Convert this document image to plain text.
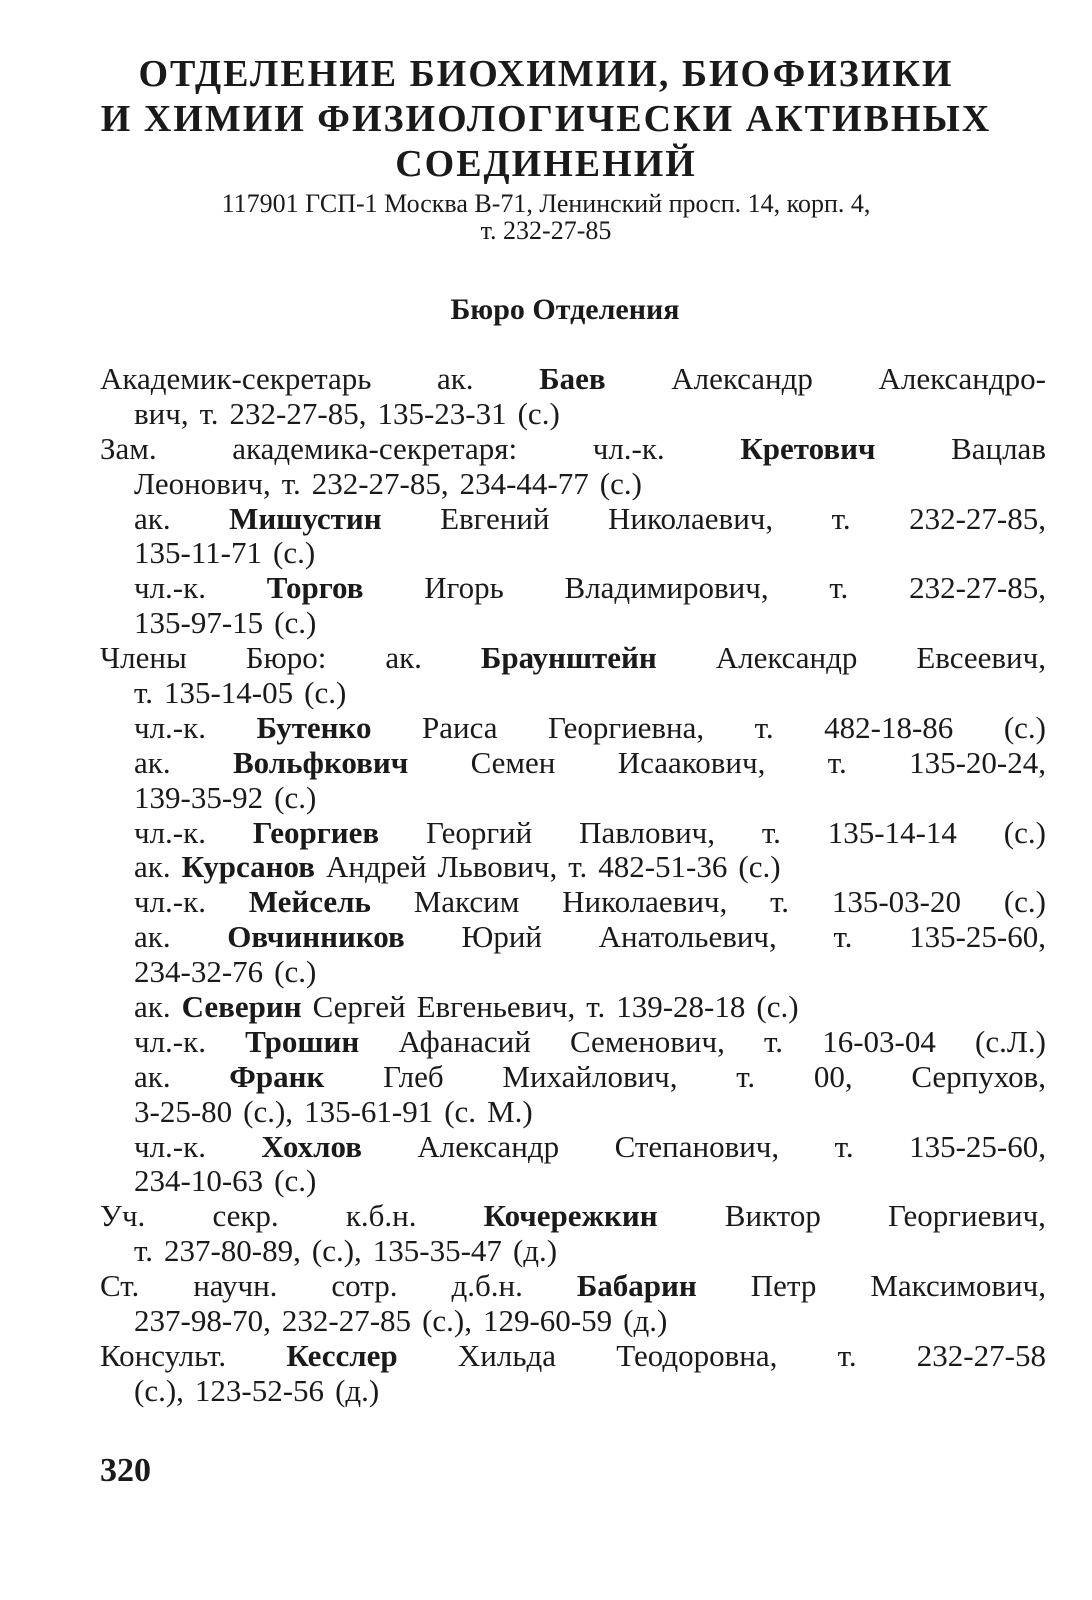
ОТДЕЛЕНИЕ БИОХИМИИ, БИОФИЗИКИ
И ХИМИИ ФИЗИОЛОГИЧЕСКИ АКТИВНЫХ
СОЕДИНЕНИЙ
117901 ГСП-1 Москва В-71, Ленинский просп. 14, корп. 4,
т. 232-27-85
Бюро Отделения
Академик-секретарь ак. Баев Александр Александро-
вич, т. 232-27-85, 135-23-31 (с.)
Зам. академика-секретаря: чл.-к. Кретович Вацлав
Леонович, т. 232-27-85, 234-44-77 (с.)
ак. Мишустин Евгений Николаевич, т. 232-27-85,
135-11-71 (с.)
чл.-к. Торгов Игорь Владимирович, т. 232-27-85,
135-97-15 (с.)
Члены Бюро: ак. Браунштейн Александр Евсеевич,
т. 135-14-05 (с.)
чл.-к. Бутенко Раиса Георгиевна, т. 482-18-86 (с.)
ак. Вольфкович Семен Исаакович, т. 135-20-24,
139-35-92 (с.)
чл.-к. Георгиев Георгий Павлович, т. 135-14-14 (с.)
ак. Курсанов Андрей Львович, т. 482-51-36 (с.)
чл.-к. Мейсель Максим Николаевич, т. 135-03-20 (с.)
ак. Овчинников Юрий Анатольевич, т. 135-25-60,
234-32-76 (с.)
ак. Северин Сергей Евгеньевич, т. 139-28-18 (с.)
чл.-к. Трошин Афанасий Семенович, т. 16-03-04 (с.Л.)
ак. Франк Глеб Михайлович, т. 00, Серпухов,
3-25-80 (с.), 135-61-91 (с. М.)
чл.-к. Хохлов Александр Степанович, т. 135-25-60,
234-10-63 (с.)
Уч. секр. к.б.н. Кочережкин Виктор Георгиевич,
т. 237-80-89, (с.), 135-35-47 (д.)
Ст. научн. сотр. д.б.н. Бабарин Петр Максимович,
237-98-70, 232-27-85 (с.), 129-60-59 (д.)
Консульт. Кесслер Хильда Теодоровна, т. 232-27-58
(с.), 123-52-56 (д.)
320
